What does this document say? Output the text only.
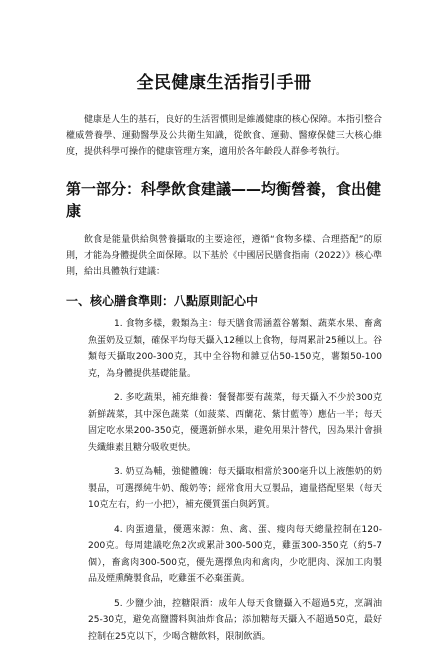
全民健康生活指引手冊

健康是人生的基石，良好的生活習慣則是維護健康的核心保障。本指引整合權威營養學、運動醫學及公共衛生知識，從飲食、運動、醫療保健三大核心維度，提供科學可操作的健康管理方案，適用於各年齡段人群參考執行。

第一部分：科學飲食建議——均衡營養，食出健康

飲食是能量供給與營養攝取的主要途徑，遵循“食物多樣、合理搭配”的原則，才能為身體提供全面保障。以下基於《中國居民膳食指南（2022）》核心準則，給出具體執行建議：

一、核心膳食準則：八點原則記心中

1. 食物多樣，穀類為主：每天膳食需涵蓋谷薯類、蔬菜水果、畜禽魚蛋奶及豆類，確保平均每天攝入12種以上食物，每周累計25種以上。谷類每天攝取200-300克，其中全谷物和雜豆佔50-150克，薯類50-100克，為身體提供基礎能量。

2. 多吃蔬果，補充維養：餐餐都要有蔬菜，每天攝入不少於300克新鮮蔬菜，其中深色蔬菜（如菠菜、西蘭花、紫甘藍等）應佔一半；每天固定吃水果200-350克，優選新鮮水果，避免用果汁替代，因為果汁會損失纖維素且糖分吸收更快。

3. 奶豆為輔，強健體魄：每天攝取相當於300毫升以上液態奶的奶製品，可選擇純牛奶、酸奶等；經常食用大豆製品，適量搭配堅果（每天10克左右，約一小把），補充優質蛋白與鈣質。

4. 肉蛋適量，優選來源：魚、禽、蛋、瘦肉每天總量控制在120-200克。每周建議吃魚2次或累計300-500克，雞蛋300-350克（約5-7個），畜禽肉300-500克，優先選擇魚肉和禽肉，少吃肥肉、深加工肉製品及煙熏醃製食品，吃雞蛋不必棄蛋黃。

5. 少鹽少油，控糖限酒：成年人每天食鹽攝入不超過5克，烹調油25-30克，避免高鹽醬料與油炸食品；添加糖每天攝入不超過50克，最好控制在25克以下，少喝含糖飲料，限制飲酒。
